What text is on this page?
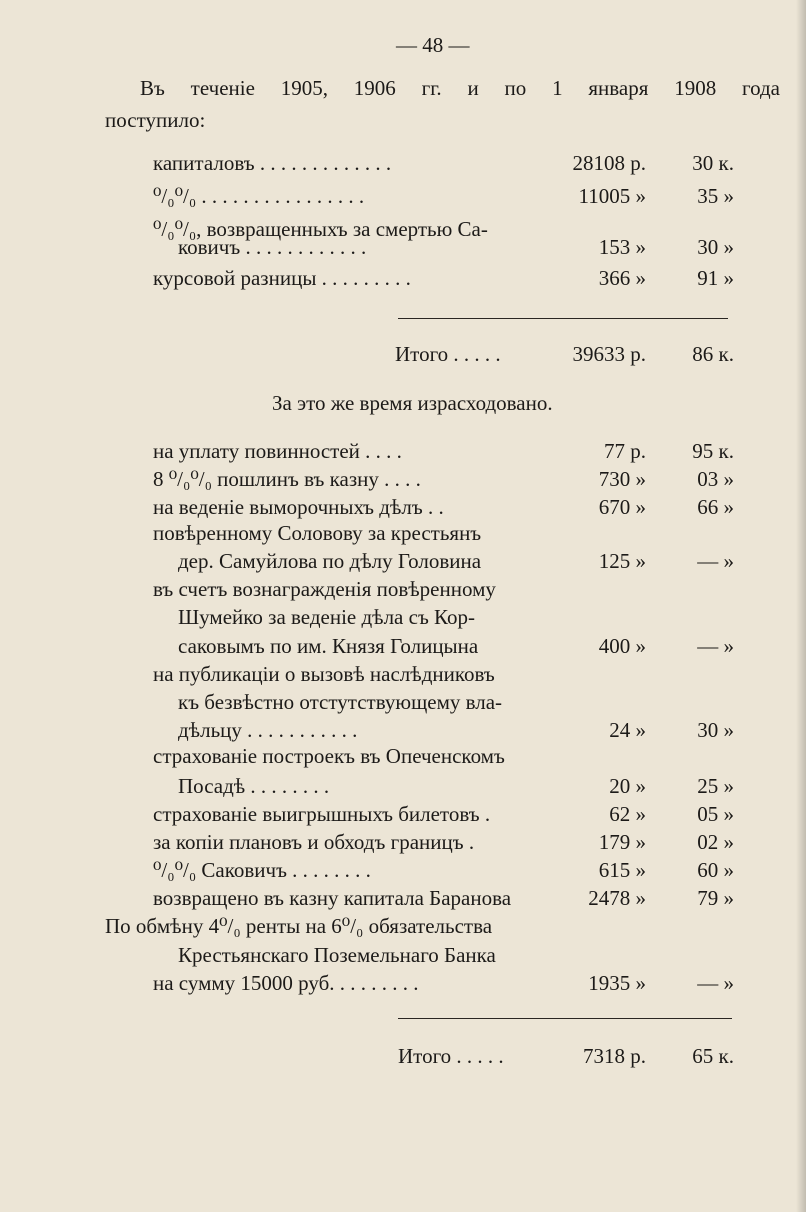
— 48 —
Въ теченіе 1905, 1906 гг. и по 1 января 1908 года
поступило:
капиталовъ . . . . . . . . . . . . .	28108 р. 30 к.
⁰/₀⁰/₀ . . . . . . . . . . . . . . . .	11005 » 35 »
⁰/₀⁰/₀, возвращенныхъ за смертью Са-
ковичъ . . . . . . . . . . . .	153 » 30 »
курсовой разницы . . . . . . . . .	366 » 91 »
Итого . . . . .	39633 р. 86 к.
За это же время израсходовано.
на уплату повинностей . . . .	77 р. 95 к.
8 ⁰/₀⁰/₀ пошлинъ въ казну . . . .	730 » 03 »
на веденіе выморочныхъ дѣлъ . .	670 » 66 »
повѣренному Соловову за крестьянъ
дер. Самуйлова по дѣлу Головина	125 » — »
въ счетъ вознагражденія повѣренному
Шумейко за веденіе дѣла съ Кор-
саковымъ по им. Князя Голицына	400 » — »
на публикаціи о вызовѣ наслѣдниковъ
къ безвѣстно отстутствующему вла-
дѣльцу . . . . . . . . . . .	24 » 30 »
страхованіе построекъ въ Опеченскомъ
Посадѣ . . . . . . . .	20 » 25 »
страхованіе выигрышныхъ билетовъ .	62 » 05 »
за копіи плановъ и обходъ границъ .	179 » 02 »
⁰/₀⁰/₀ Саковичъ . . . . . . . .	615 » 60 »
возвращено въ казну капитала Баранова	2478 » 79 »
По обмѣну 4⁰/₀ ренты на 6⁰/₀ обязательства
Крестьянскаго Поземельнаго Банка
на сумму 15000 руб. . . . . . . . .	1935 » — »
Итого . . . . .	7318 р. 65 к.
